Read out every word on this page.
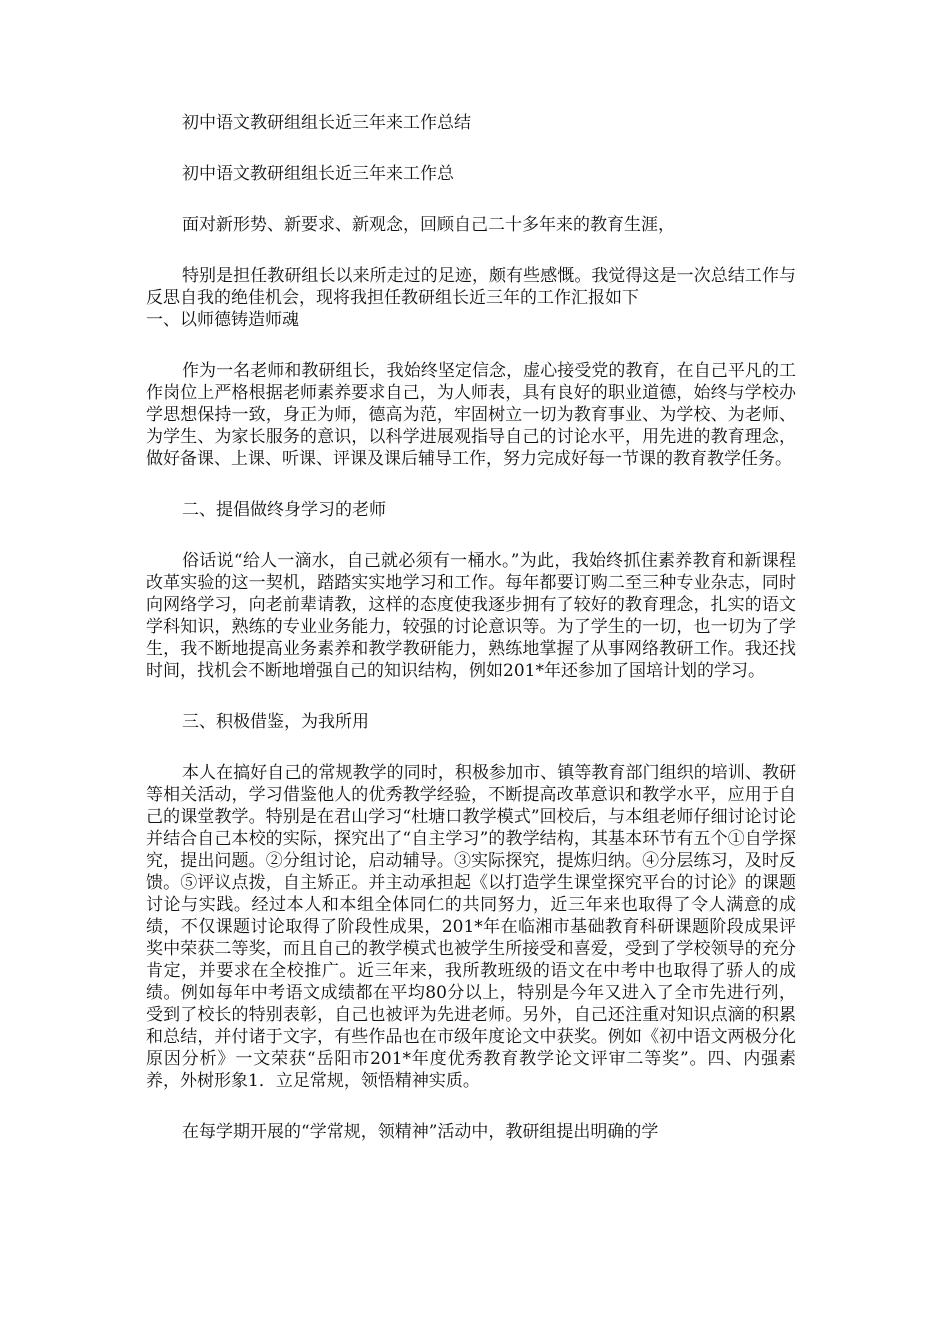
初中语文教研组组长近三年来工作总结

初中语文教研组组长近三年来工作总

面对新形势、新要求、新观念，回顾自己二十多年来的教育生涯，

特别是担任教研组长以来所走过的足迹，颇有些感慨。我觉得这是一次总结工作与反思自我的绝佳机会，现将我担任教研组长近三年的工作汇报如下

一、以师德铸造师魂

作为一名老师和教研组长，我始终坚定信念，虚心接受党的教育，在自己平凡的工作岗位上严格根据老师素养要求自己，为人师表，具有良好的职业道德，始终与学校办学思想保持一致，身正为师，德高为范，牢固树立一切为教育事业、为学校、为老师、为学生、为家长服务的意识，以科学进展观指导自己的讨论水平，用先进的教育理念，做好备课、上课、听课、评课及课后辅导工作，努力完成好每一节课的教育教学任务。

二、提倡做终身学习的老师

俗话说“给人一滴水，自己就必须有一桶水。”为此，我始终抓住素养教育和新课程改革实验的这一契机，踏踏实实地学习和工作。每年都要订购二至三种专业杂志，同时向网络学习，向老前辈请教，这样的态度使我逐步拥有了较好的教育理念，扎实的语文学科知识，熟练的专业业务能力，较强的讨论意识等。为了学生的一切，也一切为了学生，我不断地提高业务素养和教学教研能力，熟练地掌握了从事网络教研工作。我还找时间，找机会不断地增强自己的知识结构，例如201*年还参加了国培计划的学习。

三、积极借鉴，为我所用

本人在搞好自己的常规教学的同时，积极参加市、镇等教育部门组织的培训、教研等相关活动，学习借鉴他人的优秀教学经验，不断提高改革意识和教学水平，应用于自己的课堂教学。特别是在君山学习“杜塘口教学模式”回校后，与本组老师仔细讨论讨论并结合自己本校的实际，探究出了“自主学习”的教学结构，其基本环节有五个①自学探究，提出问题。②分组讨论，启动辅导。③实际探究，提炼归纳。④分层练习，及时反馈。⑤评议点拨，自主矫正。并主动承担起《以打造学生课堂探究平台的讨论》的课题讨论与实践。经过本人和本组全体同仁的共同努力，近三年来也取得了令人满意的成绩，不仅课题讨论取得了阶段性成果，201*年在临湘市基础教育科研课题阶段成果评奖中荣获二等奖，而且自己的教学模式也被学生所接受和喜爱，受到了学校领导的充分肯定，并要求在全校推广。近三年来，我所教班级的语文在中考中也取得了骄人的成绩。例如每年中考语文成绩都在平均80分以上，特别是今年又进入了全市先进行列，受到了校长的特别表彰，自己也被评为先进老师。另外，自己还注重对知识点滴的积累和总结，并付诸于文字，有些作品也在市级年度论文中获奖。例如《初中语文两极分化原因分析》一文荣获“岳阳市201*年度优秀教育教学论文评审二等奖”。四、内强素养，外树形象1．立足常规，领悟精神实质。

在每学期开展的“学常规，领精神”活动中，教研组提出明确的学
